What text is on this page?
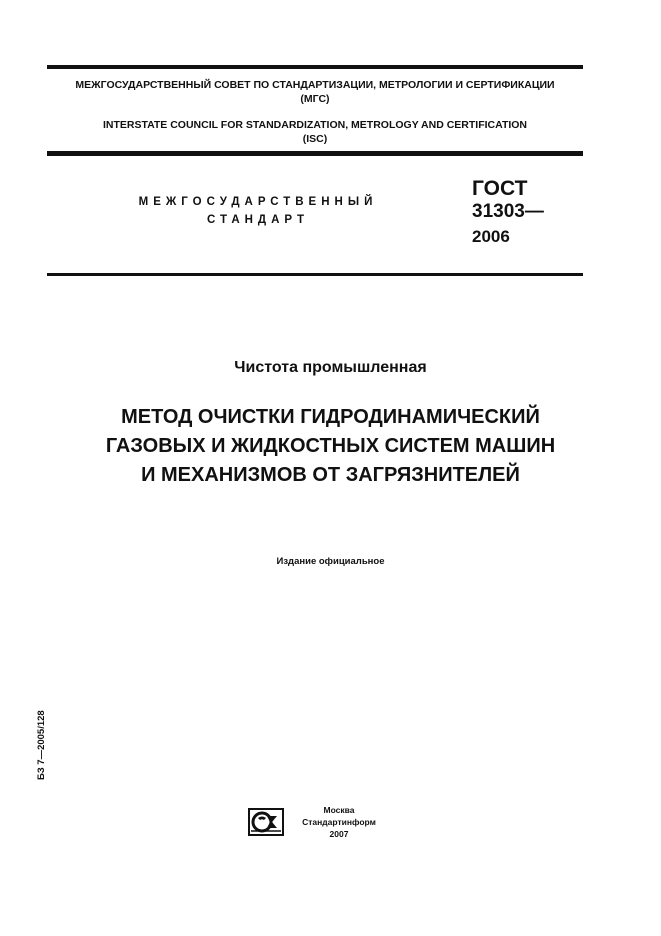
МЕЖГОСУДАРСТВЕННЫЙ СОВЕТ ПО СТАНДАРТИЗАЦИИ, МЕТРОЛОГИИ И СЕРТИФИКАЦИИ
(МГС)
INTERSTATE COUNCIL FOR STANDARDIZATION, METROLOGY AND CERTIFICATION
(ISC)
МЕЖГОСУДАРСТВЕННЫЙ
СТАНДАРТ
ГОСТ
31303—
2006
Чистота промышленная
МЕТОД ОЧИСТКИ ГИДРОДИНАМИЧЕСКИЙ
ГАЗОВЫХ И ЖИДКОСТНЫХ СИСТЕМ МАШИН
И МЕХАНИЗМОВ ОТ ЗАГРЯЗНИТЕЛЕЙ
Издание официальное
БЗ 7—2005/128
Москва
Стандартинформ
2007
